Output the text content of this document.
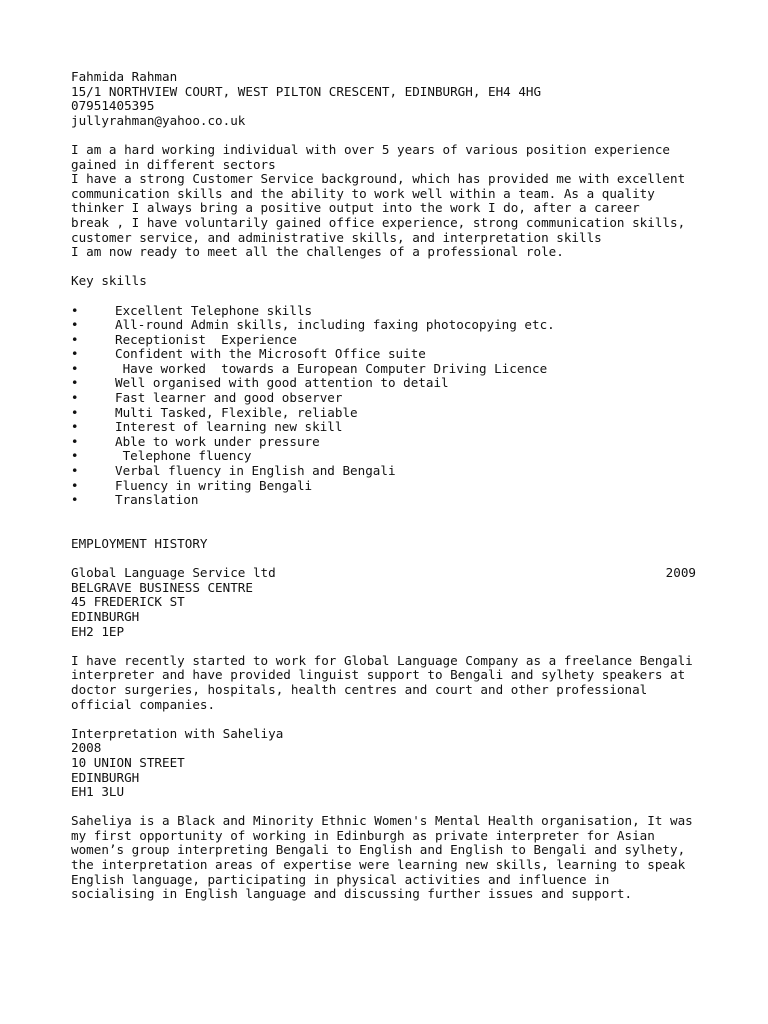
Fahmida Rahman
15/1 NORTHVIEW COURT, WEST PILTON CRESCENT, EDINBURGH, EH4 4HG
07951405395
jullyrahman@yahoo.co.uk
I am a hard working individual with over 5 years of various position experience
gained in different sectors
I have a strong Customer Service background, which has provided me with excellent
communication skills and the ability to work well within a team. As a quality
thinker I always bring a positive output into the work I do, after a career
break , I have voluntarily gained office experience, strong communication skills,
customer service, and administrative skills, and interpretation skills
I am now ready to meet all the challenges of a professional role.
Key skills
•	Excellent Telephone skills
•	All-round Admin skills, including faxing photocopying etc.
•	Receptionist  Experience
•	Confident with the Microsoft Office suite
•	Have worked  towards a European Computer Driving Licence
•	Well organised with good attention to detail
•	Fast learner and good observer
•	Multi Tasked, Flexible, reliable
•	Interest of learning new skill
•	Able to work under pressure
•	Telephone fluency
•	Verbal fluency in English and Bengali
•	Fluency in writing Bengali
•	Translation
EMPLOYMENT HISTORY
Global Language Service ltd	2009
BELGRAVE BUSINESS CENTRE
45 FREDERICK ST
EDINBURGH
EH2 1EP
I have recently started to work for Global Language Company as a freelance Bengali
interpreter and have provided linguist support to Bengali and sylhety speakers at
doctor surgeries, hospitals, health centres and court and other professional
official companies.
Interpretation with Saheliya
2008
10 UNION STREET
EDINBURGH
EH1 3LU
Saheliya is a Black and Minority Ethnic Women's Mental Health organisation, It was
my first opportunity of working in Edinburgh as private interpreter for Asian
women’s group interpreting Bengali to English and English to Bengali and sylhety,
the interpretation areas of expertise were learning new skills, learning to speak
English language, participating in physical activities and influence in
socialising in English language and discussing further issues and support.
